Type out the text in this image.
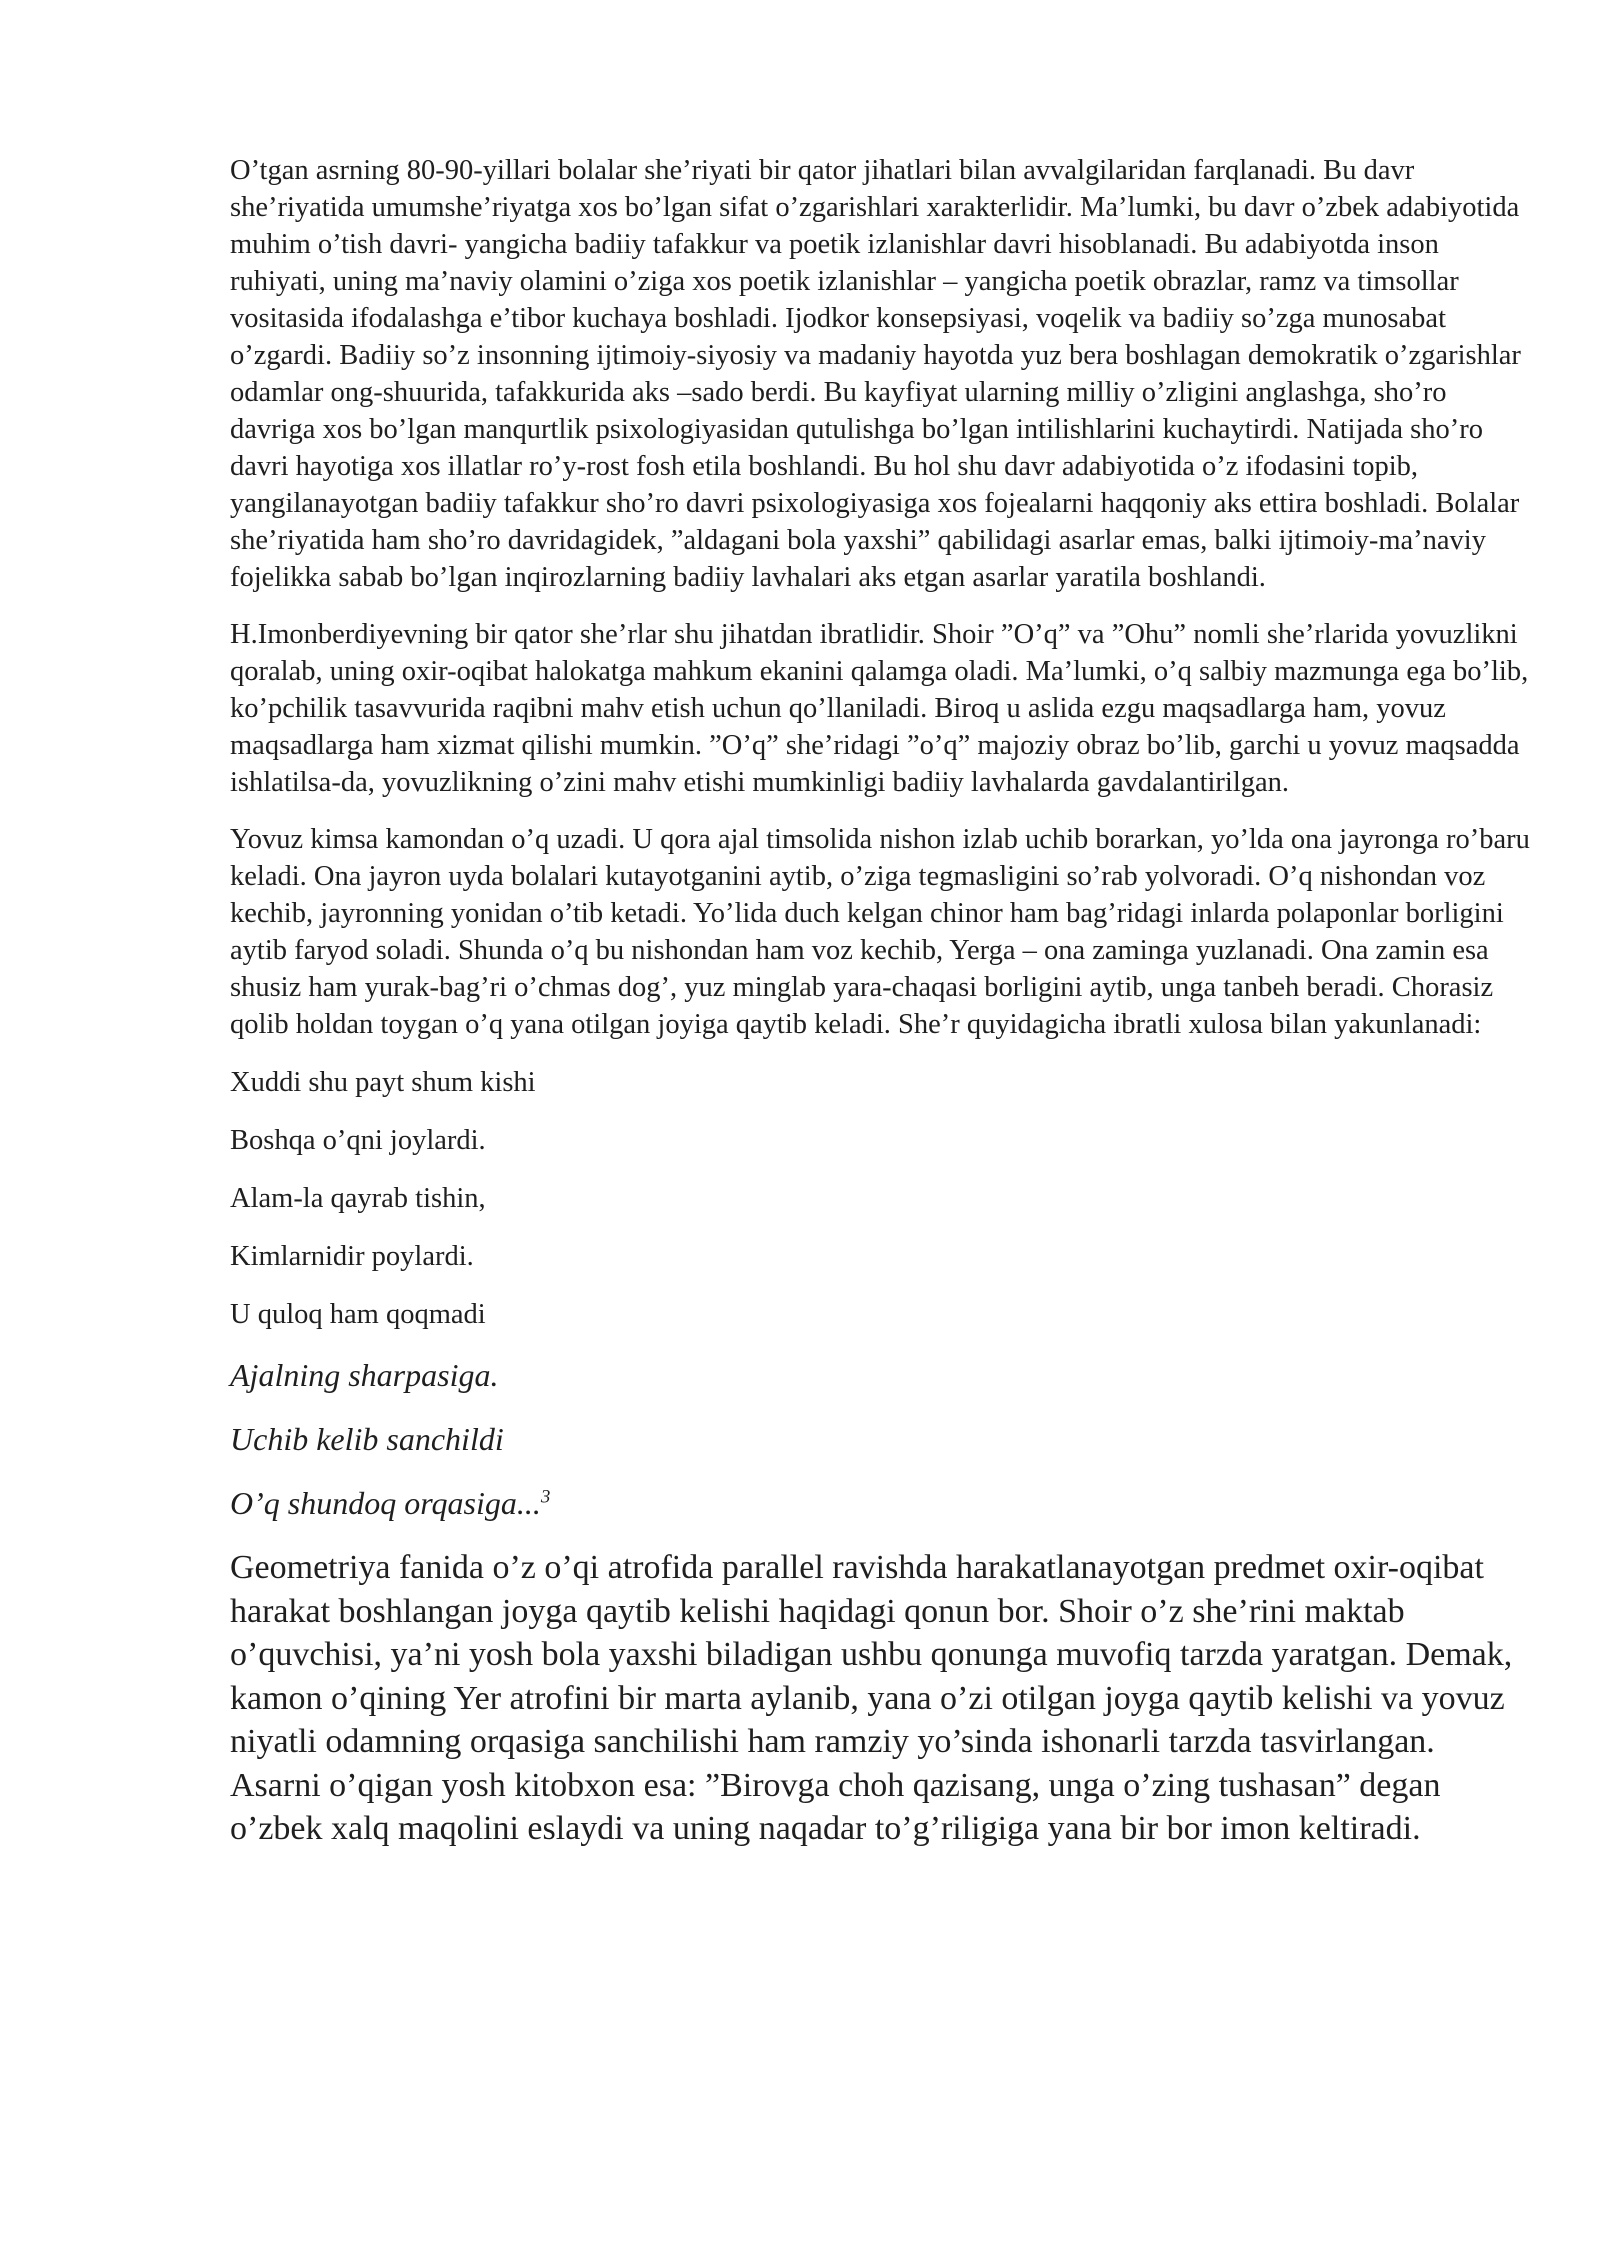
O’tgan asrning 80-90-yillari bolalar she’riyati bir qator jihatlari bilan avvalgilaridan farqlanadi. Bu davr she’riyatida umumshe’riyatga xos bo’lgan sifat o’zgarishlari xarakterlidir. Ma’lumki, bu davr o’zbek adabiyotida muhim o’tish davri- yangicha badiiy tafakkur va poetik izlanishlar davri hisoblanadi. Bu adabiyotda inson ruhiyati, uning ma’naviy olamini o’ziga xos poetik izlanishlar – yangicha poetik obrazlar, ramz va timsollar vositasida ifodalashga e’tibor kuchaya boshladi. Ijodkor konsepsiyasi, voqelik va badiiy so’zga munosabat o’zgardi. Badiiy so’z insonning ijtimoiy-siyosiy va madaniy hayotda yuz bera boshlagan demokratik o’zgarishlar odamlar ong-shuurida, tafakkurida aks –sado berdi. Bu kayfiyat ularning milliy o’zligini anglashga, sho’ro davriga xos bo’lgan manqurtlik psixologiyasidan qutulishga bo’lgan intilishlarini kuchaytirdi. Natijada sho’ro davri hayotiga xos illatlar ro’y-rost fosh etila boshlandi. Bu hol shu davr adabiyotida o’z ifodasini topib, yangilanayotgan badiiy tafakkur sho’ro davri psixologiyasiga xos fojealarni haqqoniy aks ettira boshladi. Bolalar she’riyatida ham sho’ro davridagidek, ”aldagani bola yaxshi” qabilidagi asarlar emas, balki ijtimoiy-ma’naviy fojelikka sabab bo’lgan inqirozlarning badiiy lavhalari aks etgan asarlar yaratila boshlandi.

H.Imonberdiyevning bir qator she’rlar shu jihatdan ibratlidir. Shoir ”O’q” va ”Ohu” nomli she’rlarida yovuzlikni qoralab, uning oxir-oqibat halokatga mahkum ekanini qalamga oladi. Ma’lumki, o’q salbiy mazmunga ega bo’lib, ko’pchilik tasavvurida raqibni mahv etish uchun qo’llaniladi. Biroq u aslida ezgu maqsadlarga ham, yovuz maqsadlarga ham xizmat qilishi mumkin. ”O’q” she’ridagi ”o’q” majoziy obraz bo’lib, garchi u yovuz maqsadda ishlatilsa-da, yovuzlikning o’zini mahv etishi mumkinligi badiiy lavhalarda gavdalantirilgan.

Yovuz kimsa kamondan o’q uzadi. U qora ajal timsolida nishon izlab uchib borarkan, yo’lda ona jayronga ro’baru keladi. Ona jayron uyda bolalari kutayotganini aytib, o’ziga tegmasligini so’rab yolvoradi. O’q nishondan voz kechib, jayronning yonidan o’tib ketadi. Yo’lida duch kelgan chinor ham bag’ridagi inlarda polaponlar borligini aytib faryod soladi. Shunda o’q bu nishondan ham voz kechib, Yerga – ona zaminga yuzlanadi. Ona zamin esa shusiz ham yurak-bag’ri o’chmas dog’, yuz minglab yara-chaqasi borligini aytib, unga tanbeh beradi. Chorasiz qolib holdan toygan o’q yana otilgan joyiga qaytib keladi. She’r quyidagicha ibratli xulosa bilan yakunlanadi:

Xuddi shu payt shum kishi

Boshqa o’qni joylardi.

Alam-la qayrab tishin,

Kimlarnidir poylardi.

U quloq ham qoqmadi

Ajalning sharpasiga.

Uchib kelib sanchildi

O’q shundoq orqasiga...$^3$

Geometriya fanida o’z o’qi atrofida parallel ravishda harakatlanayotgan predmet oxir-oqibat harakat boshlangan joyga qaytib kelishi haqidagi qonun bor. Shoir o’z she’rini maktab o’quvchisi, ya’ni yosh bola yaxshi biladigan ushbu qonunga muvofiq tarzda yaratgan. Demak, kamon o’qining Yer atrofini bir marta aylanib, yana o’zi otilgan joyga qaytib kelishi va yovuz niyatli odamning orqasiga sanchilishi ham ramziy yo’sinda ishonarli tarzda tasvirlangan. Asarni o’qigan yosh kitobxon esa: ”Birovga choh qazisang, unga o’zing tushasan” degan o’zbek xalq maqolini eslaydi va uning naqadar to’g’riligiga yana bir bor imon keltiradi.
